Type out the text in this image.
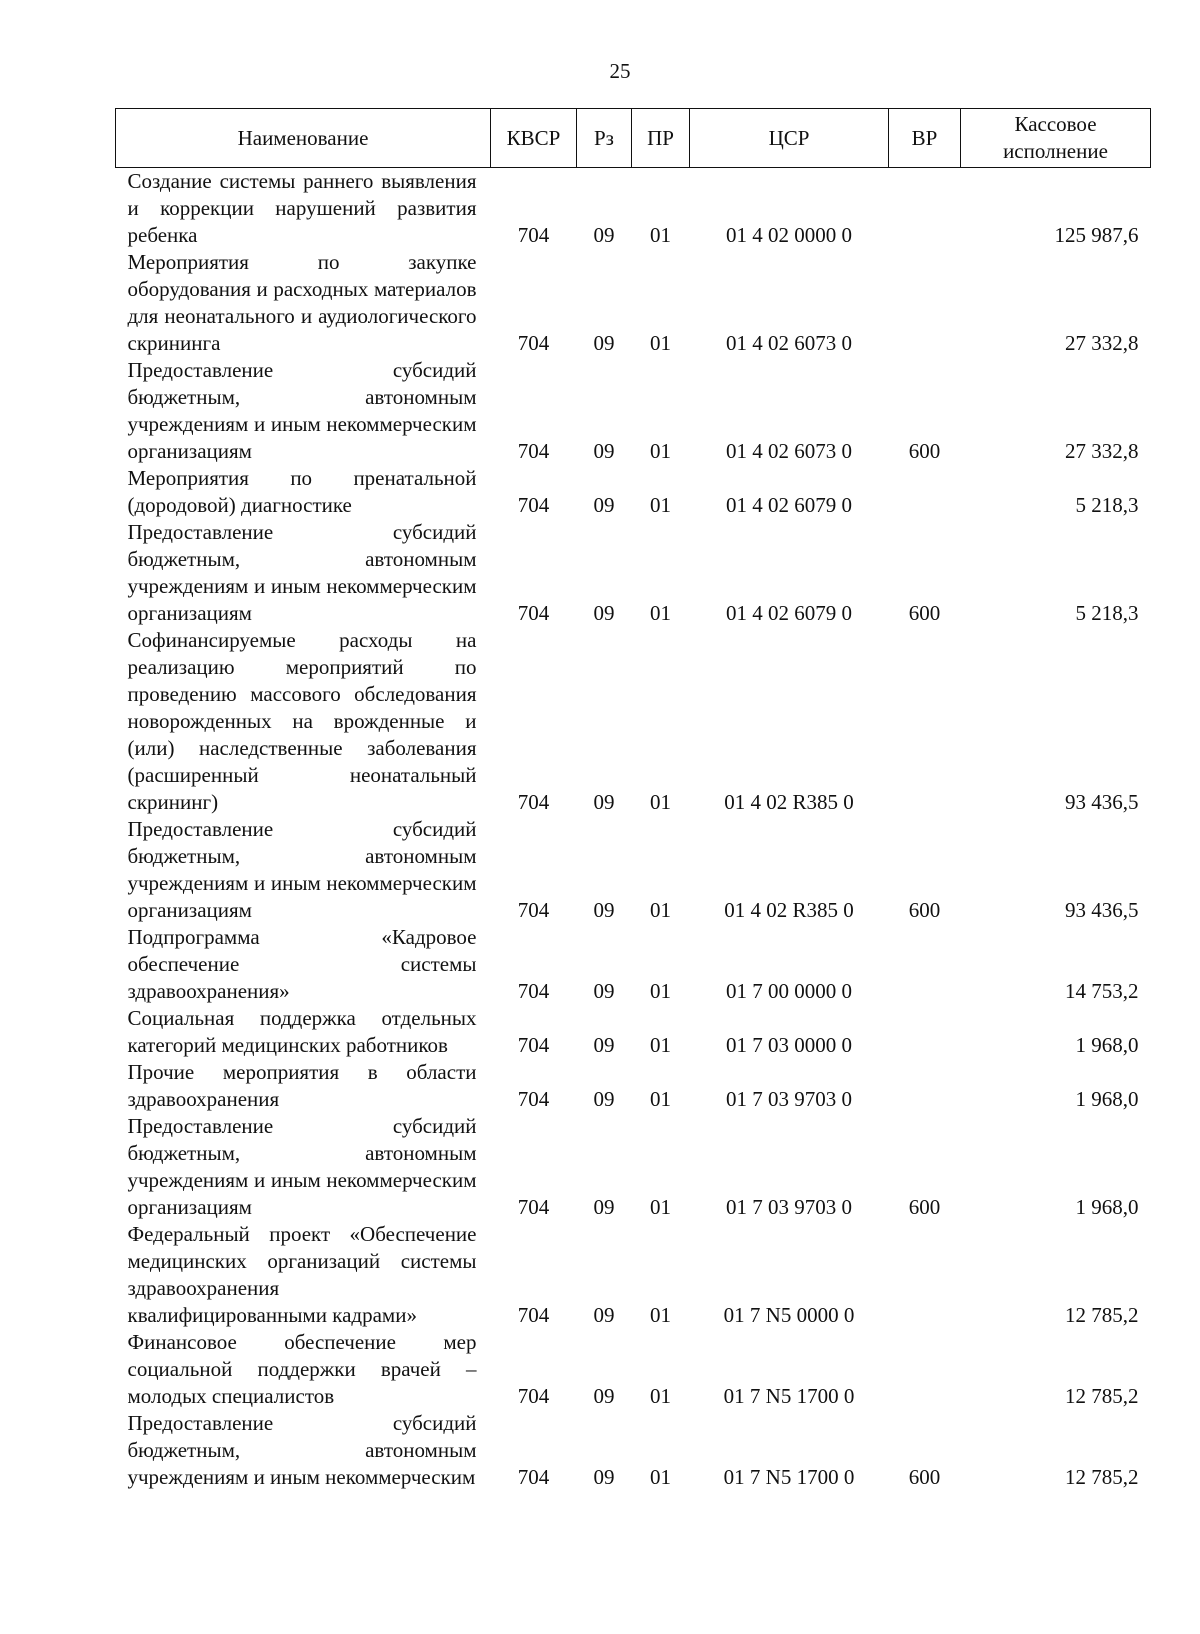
25
Наименование	КВСР	Рз	ПР	ЦСР	ВР	Кассовое исполнение
Создание системы раннего выявления и коррекции нарушений развития ребенка	704	09	01	01 4 02 0000 0		125 987,6
Мероприятия по закупке оборудования и расходных материалов для неонатального и аудиологического скрининга	704	09	01	01 4 02 6073 0		27 332,8
Предоставление субсидий бюджетным, автономным учреждениям и иным некоммерческим организациям	704	09	01	01 4 02 6073 0	600	27 332,8
Мероприятия по пренатальной (дородовой) диагностике	704	09	01	01 4 02 6079 0		5 218,3
Предоставление субсидий бюджетным, автономным учреждениям и иным некоммерческим организациям	704	09	01	01 4 02 6079 0	600	5 218,3
Софинансируемые расходы на реализацию мероприятий по проведению массового обследования новорожденных на врожденные и (или) наследственные заболевания (расширенный неонатальный скрининг)	704	09	01	01 4 02 R385 0		93 436,5
Предоставление субсидий бюджетным, автономным учреждениям и иным некоммерческим организациям	704	09	01	01 4 02 R385 0	600	93 436,5
Подпрограмма «Кадровое обеспечение системы здравоохранения»	704	09	01	01 7 00 0000 0		14 753,2
Социальная поддержка отдельных категорий медицинских работников	704	09	01	01 7 03 0000 0		1 968,0
Прочие мероприятия в области здравоохранения	704	09	01	01 7 03 9703 0		1 968,0
Предоставление субсидий бюджетным, автономным учреждениям и иным некоммерческим организациям	704	09	01	01 7 03 9703 0	600	1 968,0
Федеральный проект «Обеспечение медицинских организаций системы здравоохранения квалифицированными кадрами»	704	09	01	01 7 N5 0000 0		12 785,2
Финансовое обеспечение мер социальной поддержки врачей – молодых специалистов	704	09	01	01 7 N5 1700 0		12 785,2
Предоставление субсидий бюджетным, автономным учреждениям и иным некоммерческим	704	09	01	01 7 N5 1700 0	600	12 785,2
